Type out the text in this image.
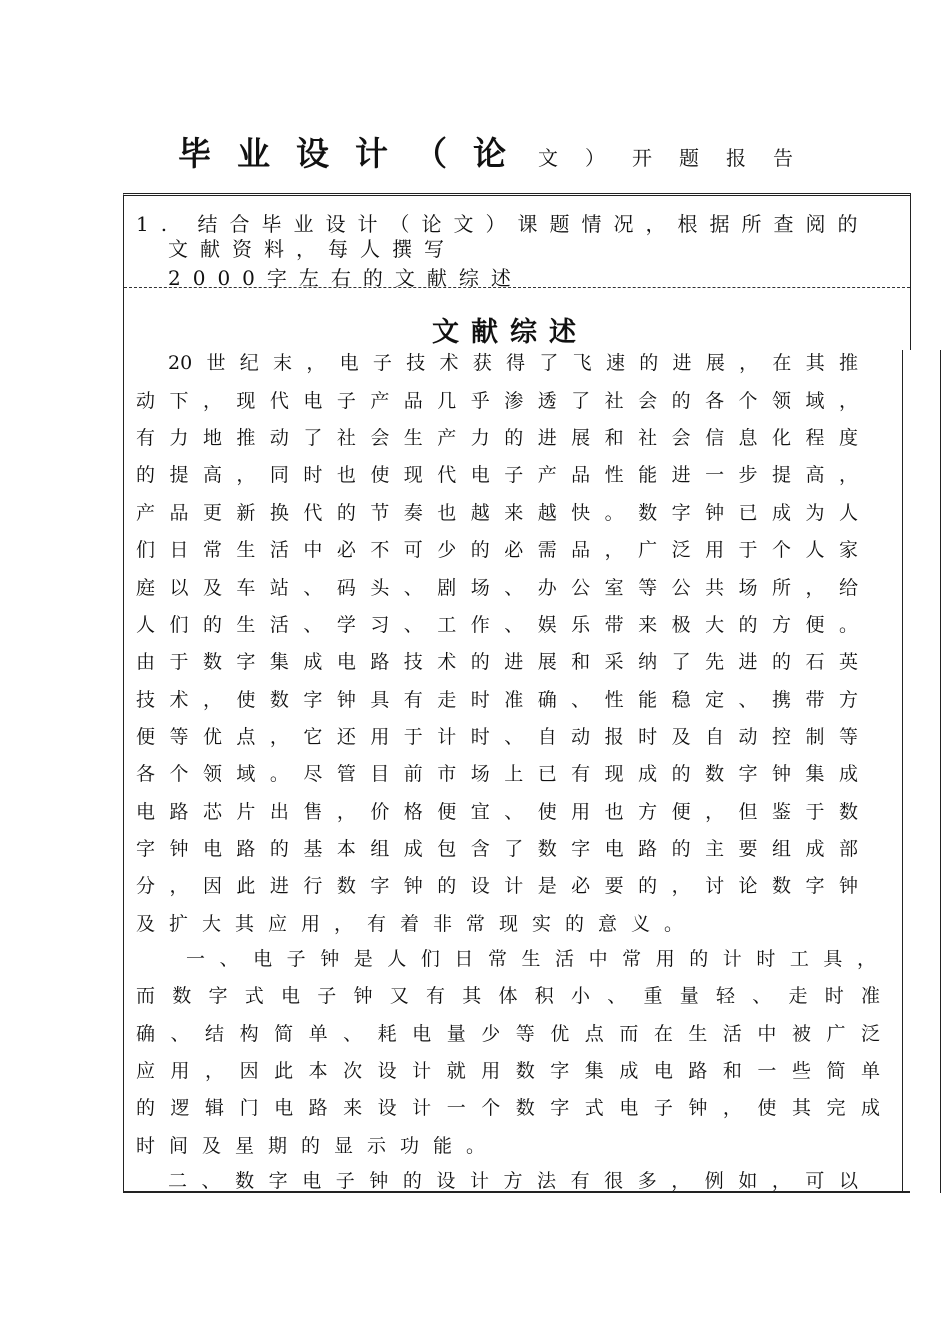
毕业设计（论 文）开题报告
1. 结合毕业设计（论文）课题情况，根据所查阅的
文献资料，每人撰写
2000字左右的文献综述
文献综述
20世纪末，电子技术获得了飞速的进展，在其推
动下，现代电子产品几乎渗透了社会的各个领域，
有力地推动了社会生产力的进展和社会信息化程度
的提高，同时也使现代电子产品性能进一步提高，
产品更新换代的节奏也越来越快。数字钟已成为人
们日常生活中必不可少的必需品，广泛用于个人家
庭以及车站、码头、剧场、办公室等公共场所，给
人们的生活、学习、工作、娱乐带来极大的方便。
由于数字集成电路技术的进展和采纳了先进的石英
技术，使数字钟具有走时准确、性能稳定、携带方
便等优点，它还用于计时、自动报时及自动控制等
各个领域。尽管目前市场上已有现成的数字钟集成
电路芯片出售，价格便宜、使用也方便，但鉴于数
字钟电路的基本组成包含了数字电路的主要组成部
分，因此进行数字钟的设计是必要的，讨论数字钟
及扩大其应用，有着非常现实的意义。
一、电子钟是人们日常生活中常用的计时工具，
而数字式电子钟又有其体积小、重量轻、走时准
确、结构简单、耗电量少等优点而在生活中被广泛
应用，因此本次设计就用数字集成电路和一些简单
的逻辑门电路来设计一个数字式电子钟，使其完成
时间及星期的显示功能。
二、数字电子钟的设计方法有很多，例如，可以
